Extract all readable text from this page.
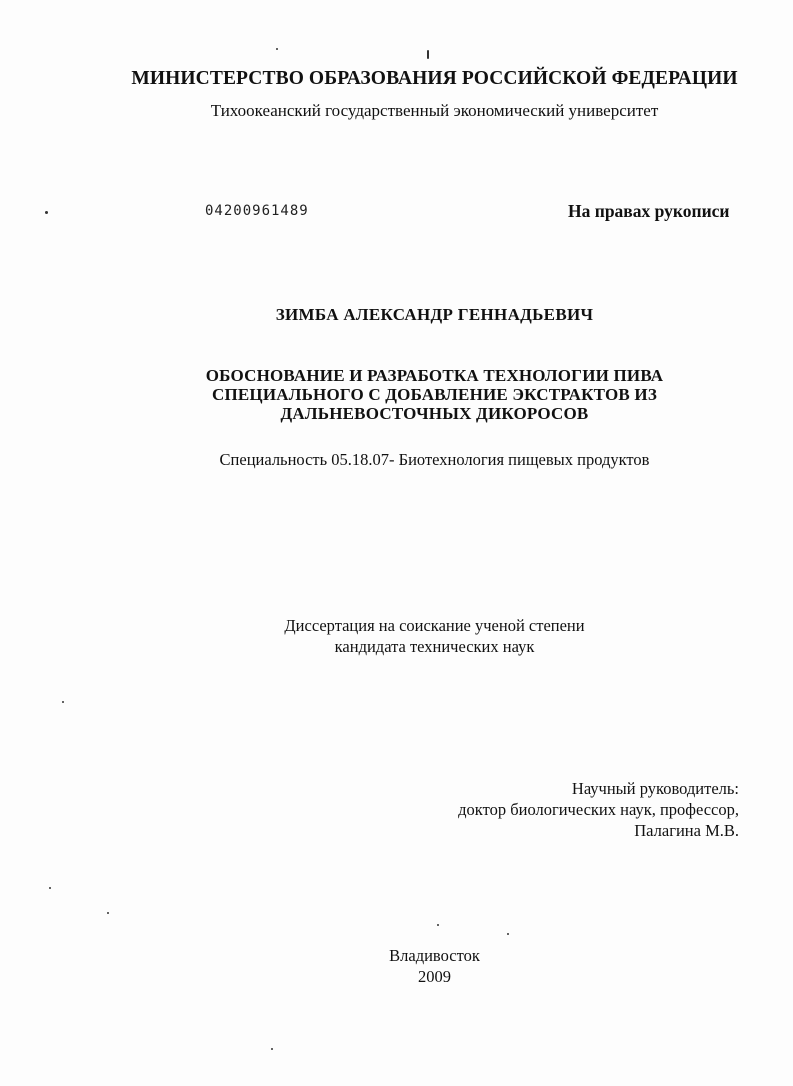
МИНИСТЕРСТВО ОБРАЗОВАНИЯ РОССИЙСКОЙ ФЕДЕРАЦИИ
Тихоокеанский государственный экономический университет
04200961489	На правах рукописи
ЗИМБА АЛЕКСАНДР ГЕННАДЬЕВИЧ
ОБОСНОВАНИЕ И РАЗРАБОТКА ТЕХНОЛОГИИ ПИВА
СПЕЦИАЛЬНОГО С ДОБАВЛЕНИЕ ЭКСТРАКТОВ ИЗ
ДАЛЬНЕВОСТОЧНЫХ ДИКОРОСОВ
Специальность 05.18.07- Биотехнология пищевых продуктов
Диссертация на соискание ученой степени
кандидата технических наук
Научный руководитель:
доктор биологических наук, профессор,
Палагина М.В.
Владивосток
2009
